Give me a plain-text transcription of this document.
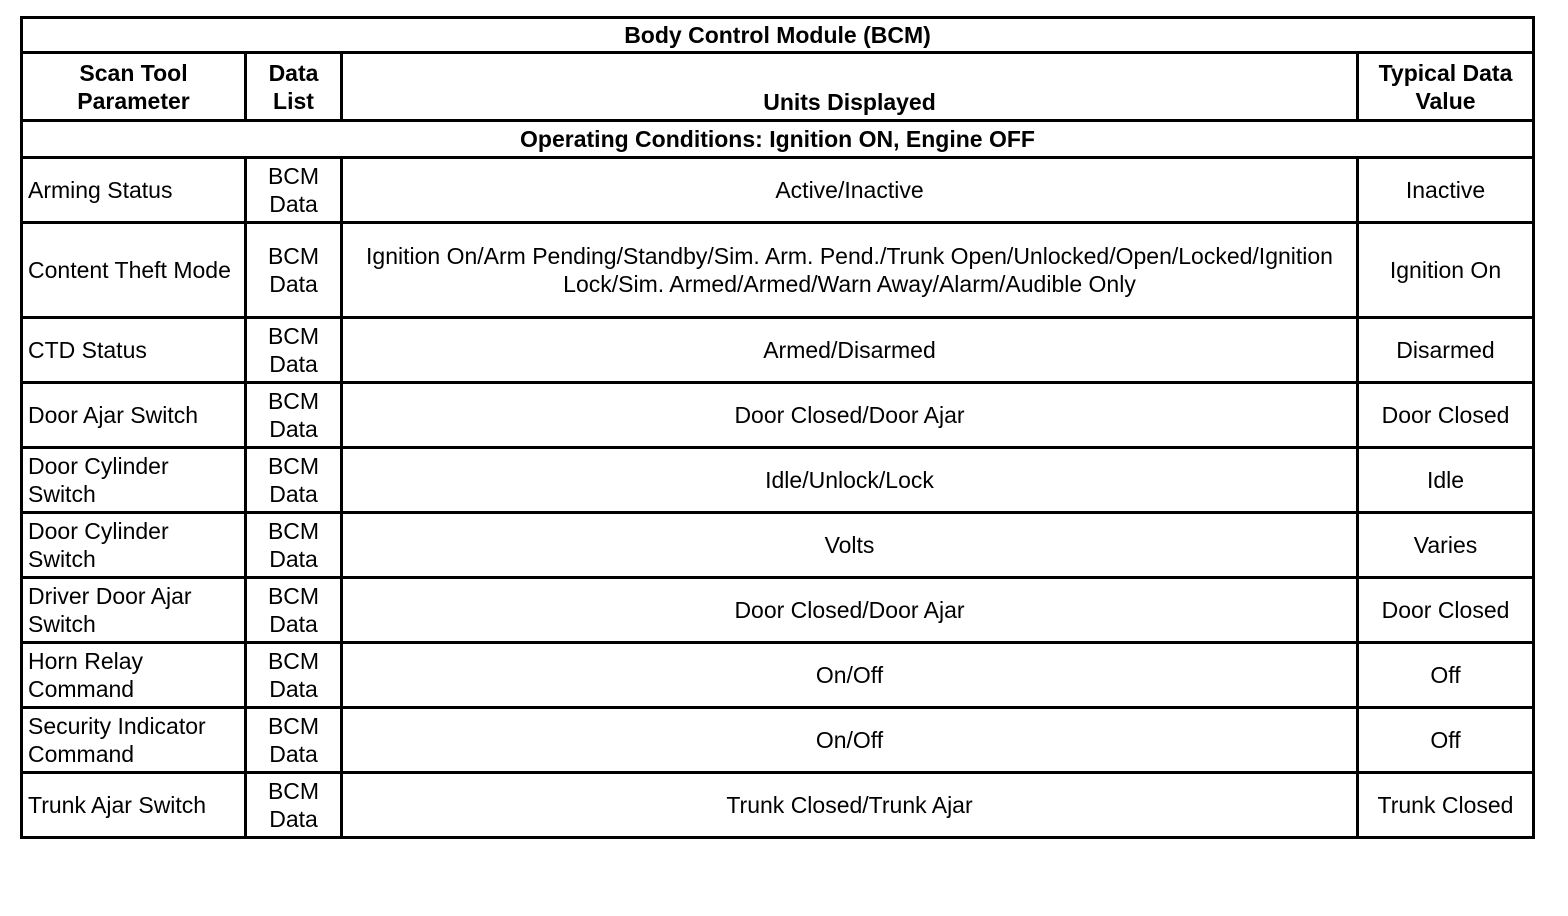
Body Control Module (BCM)			
Scan Tool Parameter	Data List	Units Displayed	Typical Data Value
Operating Conditions: Ignition ON, Engine OFF			
Arming Status	BCM Data	Active/Inactive	Inactive
Content Theft Mode	BCM Data	Ignition On/Arm Pending/Standby/Sim. Arm. Pend./Trunk Open/Unlocked/Open/Locked/Ignition Lock/Sim. Armed/Armed/Warn Away/Alarm/Audible Only	Ignition On
CTD Status	BCM Data	Armed/Disarmed	Disarmed
Door Ajar Switch	BCM Data	Door Closed/Door Ajar	Door Closed
Door Cylinder Switch	BCM Data	Idle/Unlock/Lock	Idle
Door Cylinder Switch	BCM Data	Volts	Varies
Driver Door Ajar Switch	BCM Data	Door Closed/Door Ajar	Door Closed
Horn Relay Command	BCM Data	On/Off	Off
Security Indicator Command	BCM Data	On/Off	Off
Trunk Ajar Switch	BCM Data	Trunk Closed/Trunk Ajar	Trunk Closed
